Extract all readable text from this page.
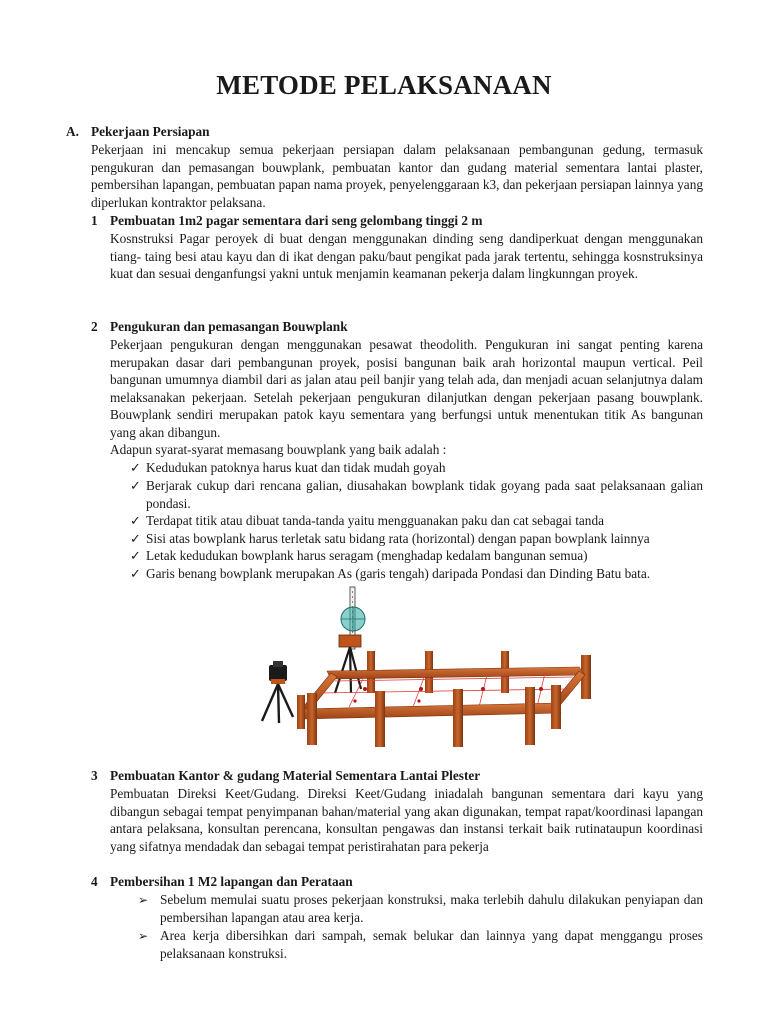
METODE PELAKSANAAN
A. Pekerjaan Persiapan
Pekerjaan ini mencakup semua pekerjaan persiapan dalam pelaksanaan pembangunan gedung, termasuk pengukuran dan pemasangan bouwplank, pembuatan kantor dan gudang material sementara lantai plaster, pembersihan lapangan, pembuatan papan nama proyek, penyelenggaraan k3, dan pekerjaan persiapan lainnya yang diperlukan kontraktor pelaksana.
1 Pembuatan 1m2 pagar sementara dari seng gelombang tinggi 2 m
Kosnstruksi Pagar peroyek di buat dengan menggunakan dinding seng dandiperkuat dengan menggunakan tiang- taing besi atau kayu dan di ikat dengan paku/baut pengikat pada jarak tertentu, sehingga kosnstruksinya kuat dan sesuai denganfungsi yakni untuk menjamin keamanan pekerja dalam lingkunngan proyek.
2 Pengukuran dan pemasangan Bouwplank
Pekerjaan pengukuran dengan menggunakan pesawat theodolith. Pengukuran ini sangat penting karena merupakan dasar dari pembangunan proyek, posisi bangunan baik arah horizontal maupun vertical. Peil bangunan umumnya diambil dari as jalan atau peil banjir yang telah ada, dan menjadi acuan selanjutnya dalam melaksanakan pekerjaan. Setelah pekerjaan pengukuran dilanjutkan dengan pekerjaan pasang bouwplank. Bouwplank sendiri merupakan patok kayu sementara yang berfungsi untuk menentukan titik As bangunan yang akan dibangun.
Adapun syarat-syarat memasang bouwplank yang baik adalah :
✓ Kedudukan patoknya harus kuat dan tidak mudah goyah
✓ Berjarak cukup dari rencana galian, diusahakan bowplank tidak goyang pada saat pelaksanaan galian pondasi.
✓ Terdapat titik atau dibuat tanda-tanda yaitu mengguanakan paku dan cat sebagai tanda
✓ Sisi atas bowplank harus terletak satu bidang rata (horizontal) dengan papan bowplank lainnya
✓ Letak kedudukan bowplank harus seragam (menghadap kedalam bangunan semua)
✓ Garis benang bowplank merupakan As (garis tengah) daripada Pondasi dan Dinding Batu bata.
3 Pembuatan Kantor & gudang Material Sementara Lantai Plester
Pembuatan Direksi Keet/Gudang. Direksi Keet/Gudang iniadalah bangunan sementara dari kayu yang dibangun sebagai tempat penyimpanan bahan/material yang akan digunakan, tempat rapat/koordinasi lapangan antara pelaksana, konsultan perencana, konsultan pengawas dan instansi terkait baik rutinataupun koordinasi yang sifatnya mendadak dan sebagai tempat peristirahatan para pekerja
4 Pembersihan 1 M2 lapangan dan Perataan
➢ Sebelum memulai suatu proses pekerjaan konstruksi, maka terlebih dahulu dilakukan penyiapan dan pembersihan lapangan atau area kerja.
➢ Area kerja dibersihkan dari sampah, semak belukar dan lainnya yang dapat menggangu proses pelaksanaan konstruksi.
